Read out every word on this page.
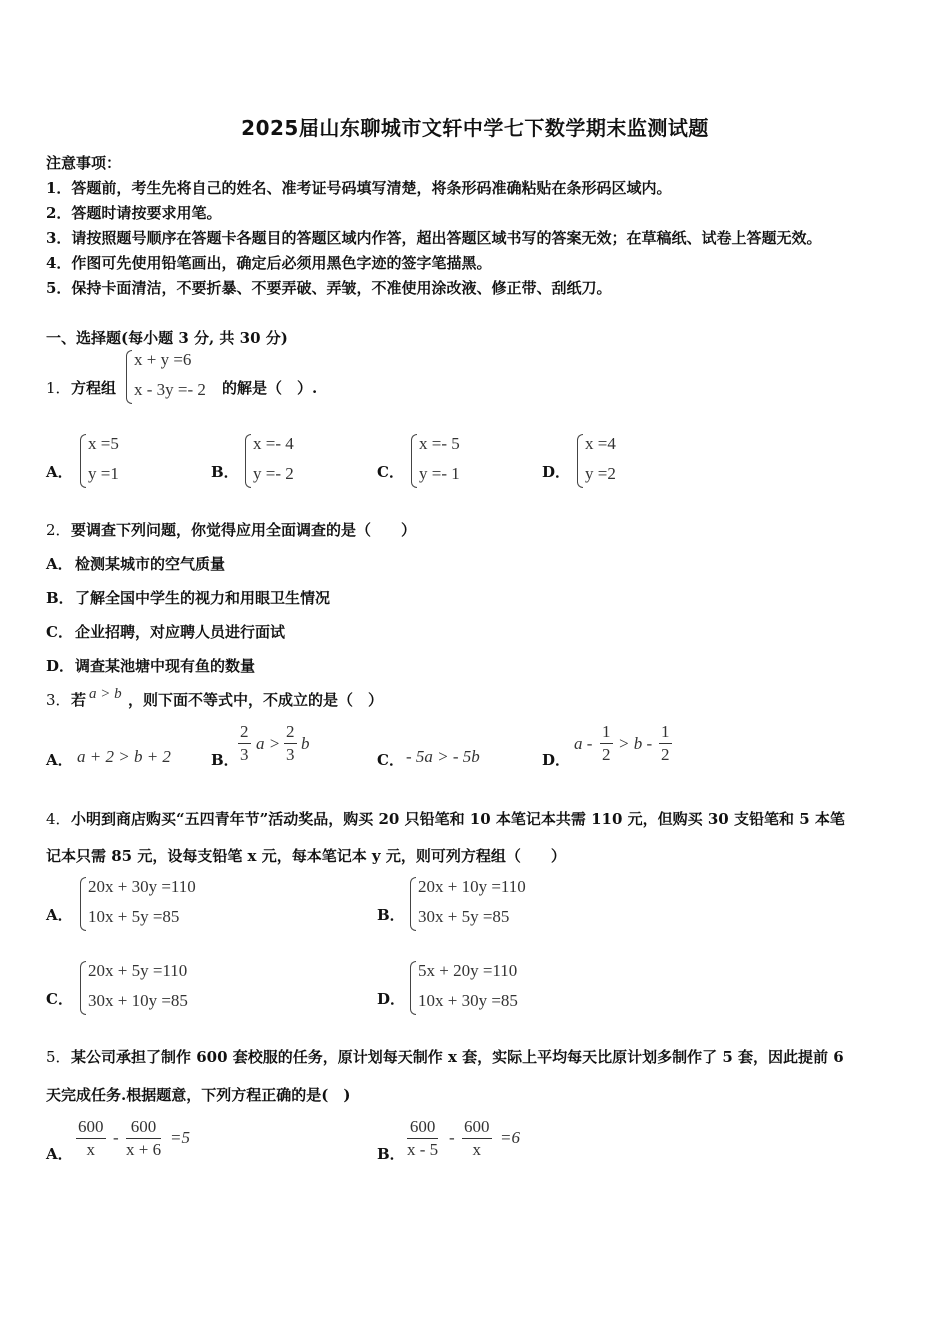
2025届山东聊城市文轩中学七下数学期末监测试题
注意事项：
1．答题前，考生先将自己的姓名、准考证号码填写清楚，将条形码准确粘贴在条形码区域内。
2．答题时请按要求用笔。
3．请按照题号顺序在答题卡各题目的答题区域内作答，超出答题区域书写的答案无效；在草稿纸、试卷上答题无效。
4．作图可先使用铅笔画出，确定后必须用黑色字迹的签字笔描黑。
5．保持卡面清洁，不要折暴、不要弄破、弄皱，不准使用涂改液、修正带、刮纸刀。
一、选择题(每小题 3 分, 共 30 分)
1． 方程组
x + y =6
x - 3y =- 2 的解是（　）.
A．
x =5
y =1	B．
x =- 4
y =- 2	C．
x =- 5
y =- 1	D．
x =4
y =2
2． 要调查下列问题，你觉得应用全面调查的是（　　）
A． 检测某城市的空气质量
B． 了解全国中学生的视力和用眼卫生情况
C． 企业招聘，对应聘人员进行面试
D． 调查某池塘中现有鱼的数量
3． 若 a > b ，则下面不等式中，不成立的是（　）
A． a + 2 > b + 2	B． $\frac{2}{3}$ $a > \frac{2}{3}$ b
C． - 5a > - 5b	D．
$a - \frac{1}{2} > b - \frac{1}{2}$
4． 小明到商店购买“五四青年节”活动奖品，购买 20 只铅笔和 10 本笔记本共需 110 元，但购买 30 支铅笔和 5 本笔
记本只需 85 元，设每支铅笔 x 元，每本笔记本 y 元，则可列方程组（　　）
A．
20x + 30y =110
10x + 5y =85	B．
20x + 10y =110
30x + 5y =85
C．
20x + 5y =110
30x + 10y =85	D．
5x + 20y =110
10x + 30y =85
5． 某公司承担了制作 600 套校服的任务，原计划每天制作 x 套，实际上平均每天比原计划多制作了 5 套，因此提前 6
天完成任务.根据题意，下列方程正确的是(　)
A． $\frac{600}{x} - \frac{600}{x + 6} =5$
B． $\frac{600}{x - 5} - \frac{600}{x} =6$
